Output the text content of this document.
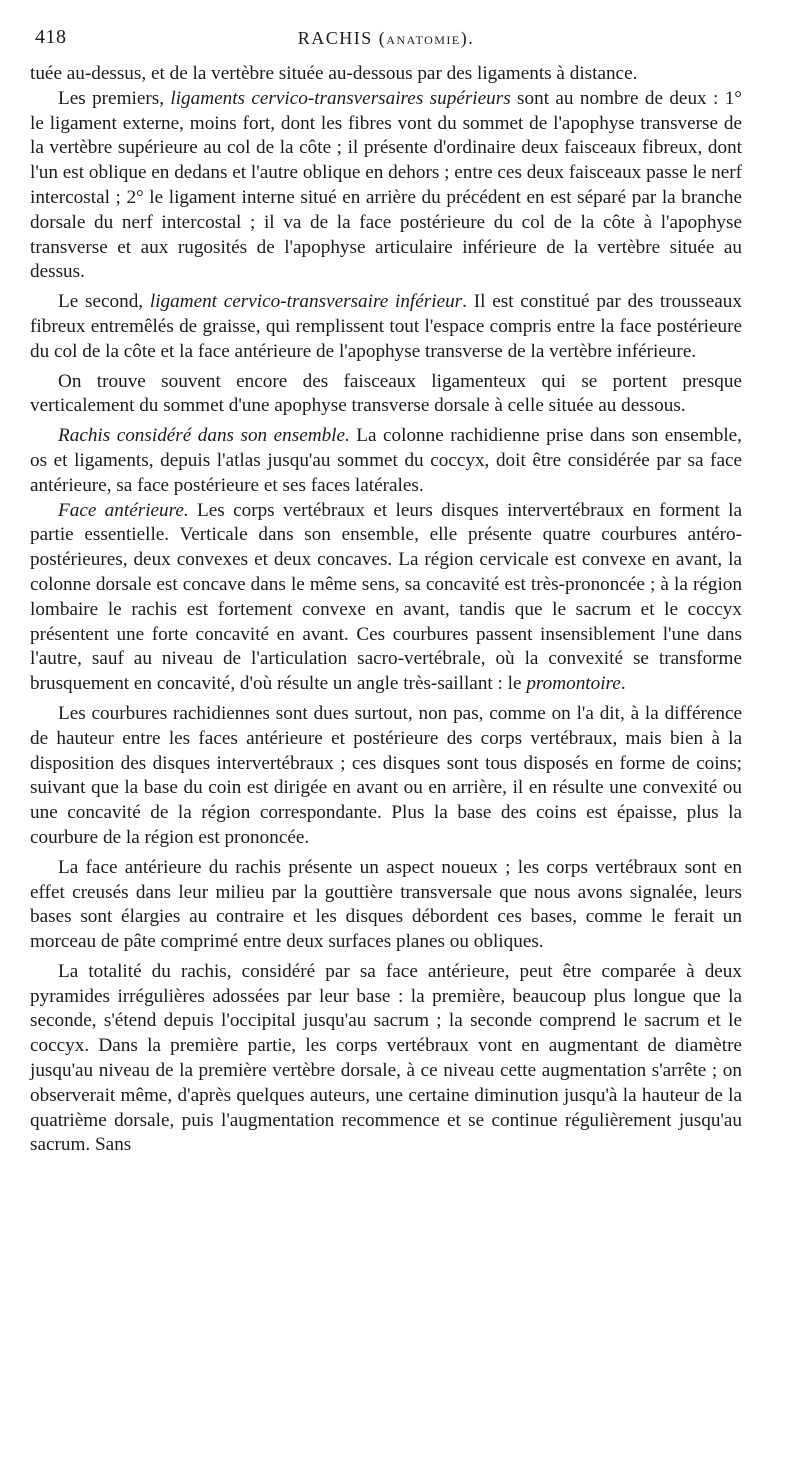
418	RACHIS (ANATOMIE).

tuée au-dessus, et de la vertèbre située au-dessous par des ligaments à distance.

Les premiers, ligaments cervico-transversaires supérieurs sont au nombre de deux : 1° le ligament externe, moins fort, dont les fibres vont du sommet de l'apophyse transverse de la vertèbre supérieure au col de la côte ; il présente d'ordinaire deux faisceaux fibreux, dont l'un est oblique en dedans et l'autre oblique en dehors ; entre ces deux faisceaux passe le nerf intercostal ; 2° le ligament interne situé en arrière du précédent en est séparé par la branche dorsale du nerf intercostal ; il va de la face postérieure du col de la côte à l'apophyse transverse et aux rugosités de l'apophyse articulaire inférieure de la vertèbre située au dessus.

Le second, ligament cervico-transversaire inférieur. Il est constitué par des trousseaux fibreux entremêlés de graisse, qui remplissent tout l'espace compris entre la face postérieure du col de la côte et la face antérieure de l'apophyse transverse de la vertèbre inférieure.

On trouve souvent encore des faisceaux ligamenteux qui se portent presque verticalement du sommet d'une apophyse transverse dorsale à celle située au dessous.

Rachis considéré dans son ensemble. La colonne rachidienne prise dans son ensemble, os et ligaments, depuis l'atlas jusqu'au sommet du coccyx, doit être considérée par sa face antérieure, sa face postérieure et ses faces latérales.

Face antérieure. Les corps vertébraux et leurs disques intervertébraux en forment la partie essentielle. Verticale dans son ensemble, elle présente quatre courbures antéro-postérieures, deux convexes et deux concaves. La région cervicale est convexe en avant, la colonne dorsale est concave dans le même sens, sa concavité est très-prononcée ; à la région lombaire le rachis est fortement convexe en avant, tandis que le sacrum et le coccyx présentent une forte concavité en avant. Ces courbures passent insensiblement l'une dans l'autre, sauf au niveau de l'articulation sacro-vertébrale, où la convexité se transforme brusquement en concavité, d'où résulte un angle très-saillant : le promontoire.

Les courbures rachidiennes sont dues surtout, non pas, comme on l'a dit, à la différence de hauteur entre les faces antérieure et postérieure des corps vertébraux, mais bien à la disposition des disques intervertébraux ; ces disques sont tous disposés en forme de coins; suivant que la base du coin est dirigée en avant ou en arrière, il en résulte une convexité ou une concavité de la région correspondante. Plus la base des coins est épaisse, plus la courbure de la région est prononcée.

La face antérieure du rachis présente un aspect noueux ; les corps vertébraux sont en effet creusés dans leur milieu par la gouttière transversale que nous avons signalée, leurs bases sont élargies au contraire et les disques débordent ces bases, comme le ferait un morceau de pâte comprimé entre deux surfaces planes ou obliques.

La totalité du rachis, considéré par sa face antérieure, peut être comparée à deux pyramides irrégulières adossées par leur base : la première, beaucoup plus longue que la seconde, s'étend depuis l'occipital jusqu'au sacrum ; la seconde comprend le sacrum et le coccyx. Dans la première partie, les corps vertébraux vont en augmentant de diamètre jusqu'au niveau de la première vertèbre dorsale, à ce niveau cette augmentation s'arrête ; on observerait même, d'après quelques auteurs, une certaine diminution jusqu'à la hauteur de la quatrième dorsale, puis l'augmentation recommence et se continue régulièrement jusqu'au sacrum. Sans
